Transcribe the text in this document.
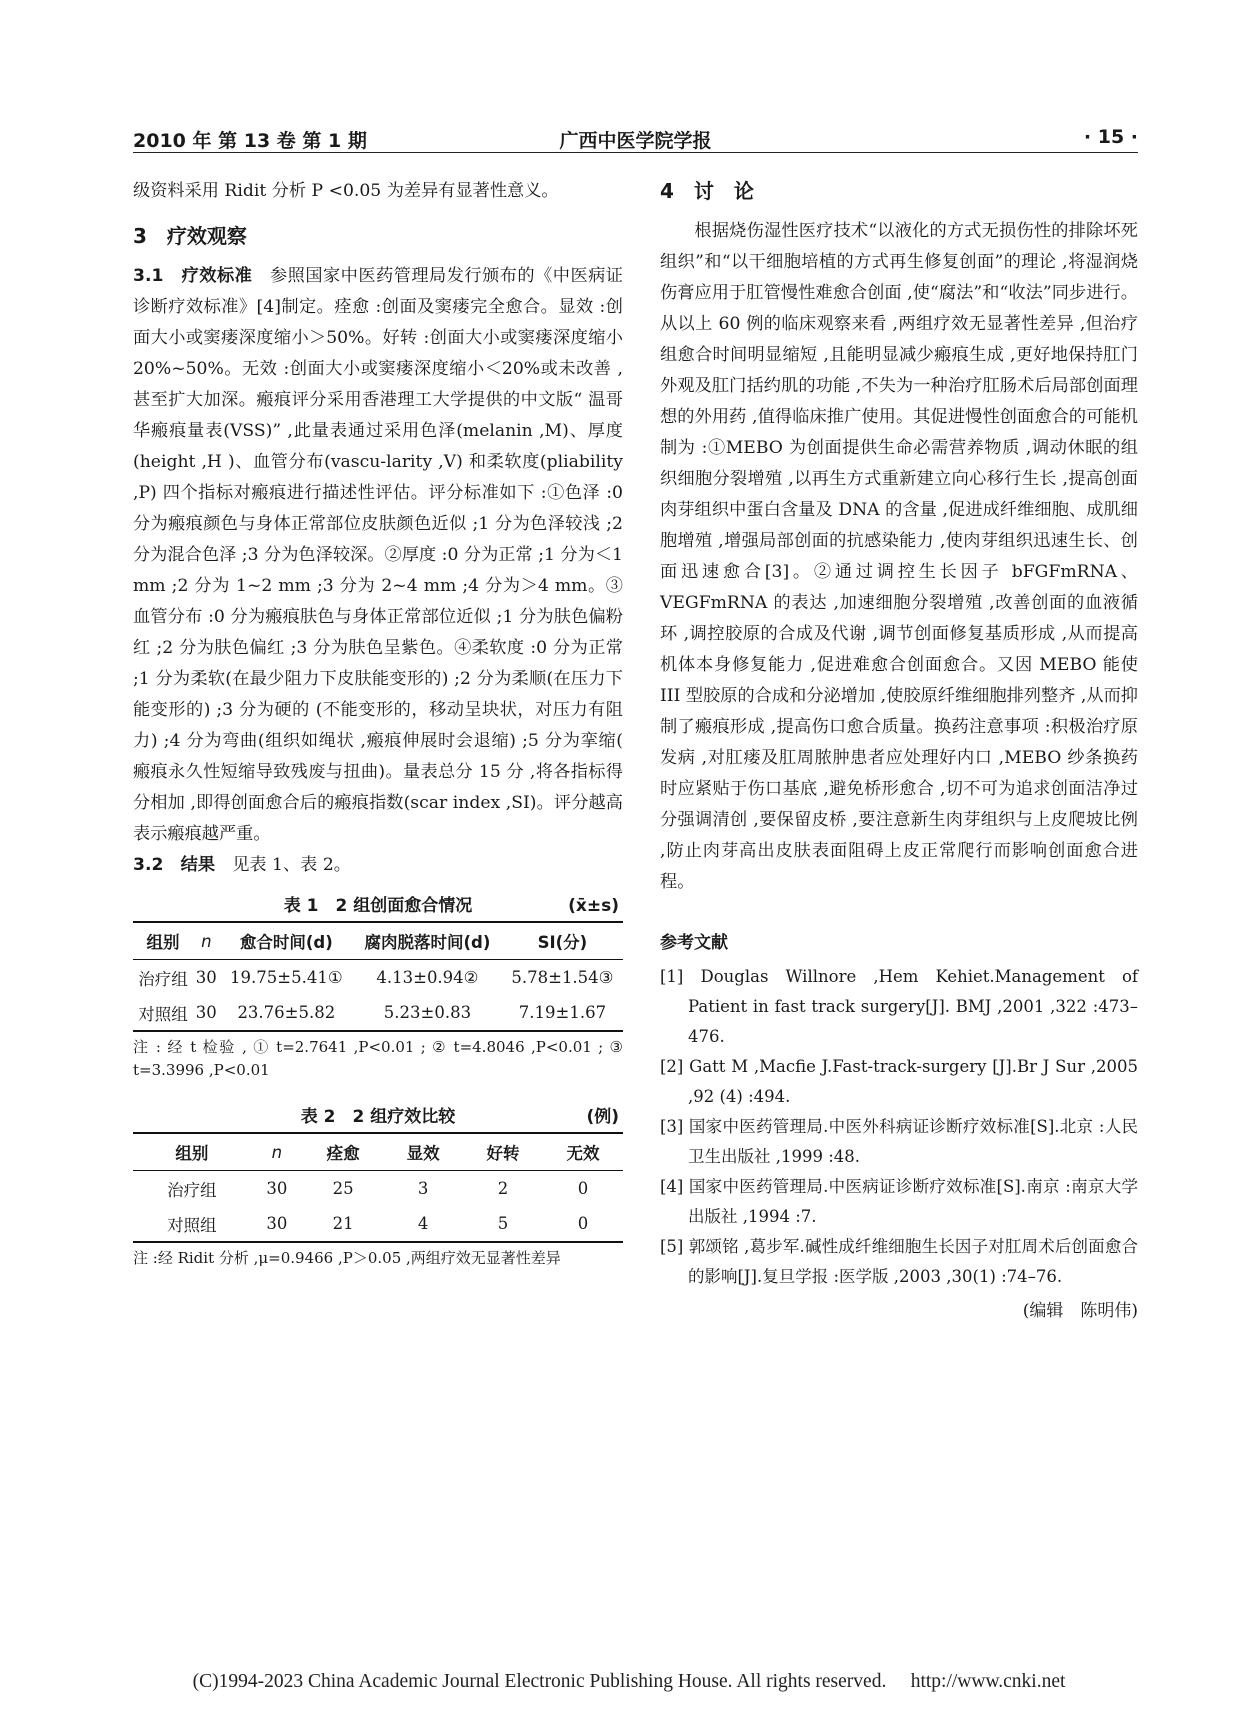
2010 年 第 13 卷 第 1 期	广西中医学院学报	· 15 ·

级资料采用 Ridit 分析 P <0.05 为差异有显著性意义。

3　疗效观察

3.1　疗效标准　参照国家中医药管理局发行颁布的《中医病证诊断疗效标准》[4]制定。痊愈 :创面及窦瘘完全愈合。显效 :创面大小或窦瘘深度缩小＞50%。好转 :创面大小或窦瘘深度缩小 20%~50%。无效 :创面大小或窦瘘深度缩小＜20%或未改善 ,甚至扩大加深。瘢痕评分采用香港理工大学提供的中文版“ 温哥华瘢痕量表(VSS)” ,此量表通过采用色泽(melanin ,M)、厚度(height ,H )、血管分布(vascu-larity ,V) 和柔软度(pliability ,P) 四个指标对瘢痕进行描述性评估。评分标准如下 :①色泽 :0 分为瘢痕颜色与身体正常部位皮肤颜色近似 ;1 分为色泽较浅 ;2 分为混合色泽 ;3 分为色泽较深。②厚度 :0 分为正常 ;1 分为＜1 mm ;2 分为 1~2 mm ;3 分为 2~4 mm ;4 分为＞4 mm。③血管分布 :0 分为瘢痕肤色与身体正常部位近似 ;1 分为肤色偏粉红 ;2 分为肤色偏红 ;3 分为肤色呈紫色。④柔软度 :0 分为正常 ;1 分为柔软(在最少阻力下皮肤能变形的) ;2 分为柔顺(在压力下能变形的) ;3 分为硬的 (不能变形的，移动呈块状，对压力有阻力) ;4 分为弯曲(组织如绳状 ,瘢痕伸展时会退缩) ;5 分为挛缩( 瘢痕永久性短缩导致残废与扭曲)。量表总分 15 分 ,将各指标得分相加 ,即得创面愈合后的瘢痕指数(scar index ,SI)。评分越高表示瘢痕越严重。

3.2　结果　见表 1、表 2。

表 1　2 组创面愈合情况	(x̄±s)
组别	n	愈合时间(d)	腐肉脱落时间(d)	SI(分)
治疗组	30	19.75±5.41①	4.13±0.94②	5.78±1.54③
对照组	30	23.76±5.82	5.23±0.83	7.19±1.67
注 : 经 t 检验 , ① t=2.7641 ,P<0.01 ; ② t=4.8046 ,P<0.01 ; ③ t=3.3996 ,P<0.01
表 2　2 组疗效比较	(例)
组别	n	痊愈	显效	好转	无效
治疗组	30	25	3	2	0
对照组	30	21	4	5	0
注 :经 Ridit 分析 ,μ=0.9466 ,P＞0.05 ,两组疗效无显著性差异
4　讨　论

根据烧伤湿性医疗技术“以液化的方式无损伤性的排除坏死组织”和“以干细胞培植的方式再生修复创面”的理论 ,将湿润烧伤膏应用于肛管慢性难愈合创面 ,使“腐法”和“收法”同步进行。从以上 60 例的临床观察来看 ,两组疗效无显著性差异 ,但治疗组愈合时间明显缩短 ,且能明显减少瘢痕生成 ,更好地保持肛门外观及肛门括约肌的功能 ,不失为一种治疗肛肠术后局部创面理想的外用药 ,值得临床推广使用。其促进慢性创面愈合的可能机制为 :①MEBO 为创面提供生命必需营养物质 ,调动休眠的组织细胞分裂增殖 ,以再生方式重新建立向心移行生长 ,提高创面肉芽组织中蛋白含量及 DNA 的含量 ,促进成纤维细胞、成肌细胞增殖 ,增强局部创面的抗感染能力 ,使肉芽组织迅速生长、创面迅速愈合[3]。②通过调控生长因子 bFGFmRNA、VEGFmRNA 的表达 ,加速细胞分裂增殖 ,改善创面的血液循环 ,调控胶原的合成及代谢 ,调节创面修复基质形成 ,从而提高机体本身修复能力 ,促进难愈合创面愈合。又因 MEBO 能使 III 型胶原的合成和分泌增加 ,使胶原纤维细胞排列整齐 ,从而抑制了瘢痕形成 ,提高伤口愈合质量。换药注意事项 :积极治疗原发病 ,对肛瘘及肛周脓肿患者应处理好内口 ,MEBO 纱条换药时应紧贴于伤口基底 ,避免桥形愈合 ,切不可为追求创面洁净过分强调清创 ,要保留皮桥 ,要注意新生肉芽组织与上皮爬坡比例 ,防止肉芽高出皮肤表面阻碍上皮正常爬行而影响创面愈合进程。

参考文献
[1] Douglas Willnore ,Hem Kehiet.Management of Patient in fast track surgery[J]. BMJ ,2001 ,322 :473–476.
[2] Gatt M ,Macfie J.Fast-track-surgery [J].Br J Sur ,2005 ,92 (4) :494.
[3] 国家中医药管理局.中医外科病证诊断疗效标准[S].北京 :人民卫生出版社 ,1999 :48.
[4] 国家中医药管理局.中医病证诊断疗效标准[S].南京 :南京大学出版社 ,1994 :7.
[5] 郭颂铭 ,葛步军.碱性成纤维细胞生长因子对肛周术后创面愈合的影响[J].复旦学报 :医学版 ,2003 ,30(1) :74–76.
(编辑　陈明伟)
(C)1994-2023 China Academic Journal Electronic Publishing House. All rights reserved.　 http://www.cnki.net
